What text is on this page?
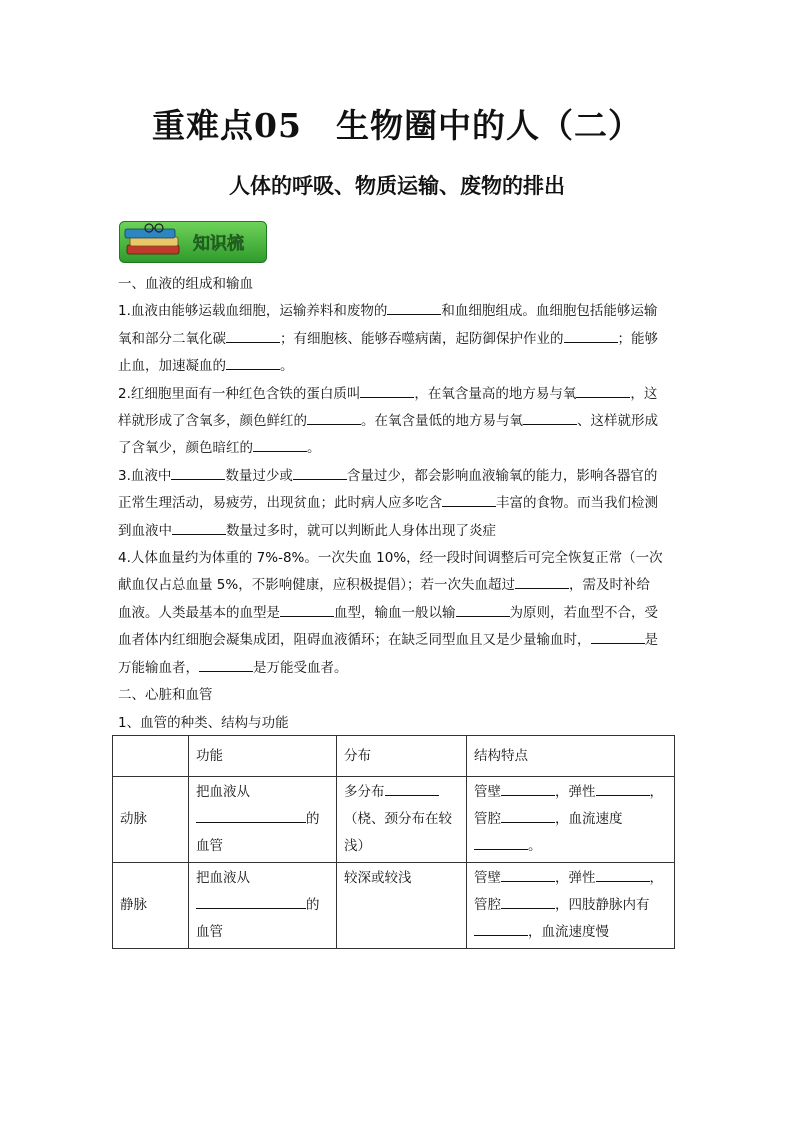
重难点05　生物圈中的人（二）
人体的呼吸、物质运输、废物的排出
知识梳

一、血液的组成和输血

1.血液由能够运载血细胞，运输养料和废物的	和血细胞组成。血细胞包括能够运输
氧和部分二氧化碳	；有细胞核、能够吞噬病菌，起防御保护作业的	；能够
止血，加速凝血的	。

2.红细胞里面有一种红色含铁的蛋白质叫	，在氧含量高的地方易与氧	，这
样就形成了含氧多，颜色鲜红的	。在氧含量低的地方易与氧	、这样就形成
了含氧少，颜色暗红的	。

3.血液中	数量过少或	含量过少，都会影响血液输氧的能力，影响各器官的
正常生理活动，易疲劳，出现贫血；此时病人应多吃含	丰富的食物。而当我们检测
到血液中	数量过多时，就可以判断此人身体出现了炎症

4.人体血量约为体重的 7%-8%。一次失血 10%，经一段时间调整后可完全恢复正常（一次
献血仅占总血量 5%，不影响健康，应积极提倡）；若一次失血超过	，需及时补给
血液。人类最基本的血型是	血型，输血一般以输	为原则，若血型不合，受
血者体内红细胞会凝集成团，阻碍血液循环；在缺乏同型血且又是少量输血时，	是
万能输血者，	是万能受血者。

二、心脏和血管

1、血管的种类、结构与功能

	功能	分布	结构特点
动脉	把血液从
的
血管	多分布
（桡、颈分布在较
浅）	管壁 ，弹性 ，
管腔 ，血流速度
。
静脉	把血液从
的
血管	较深或较浅	管壁 ，弹性 ，
管腔 ，四肢静脉内有
，血流速度慢
